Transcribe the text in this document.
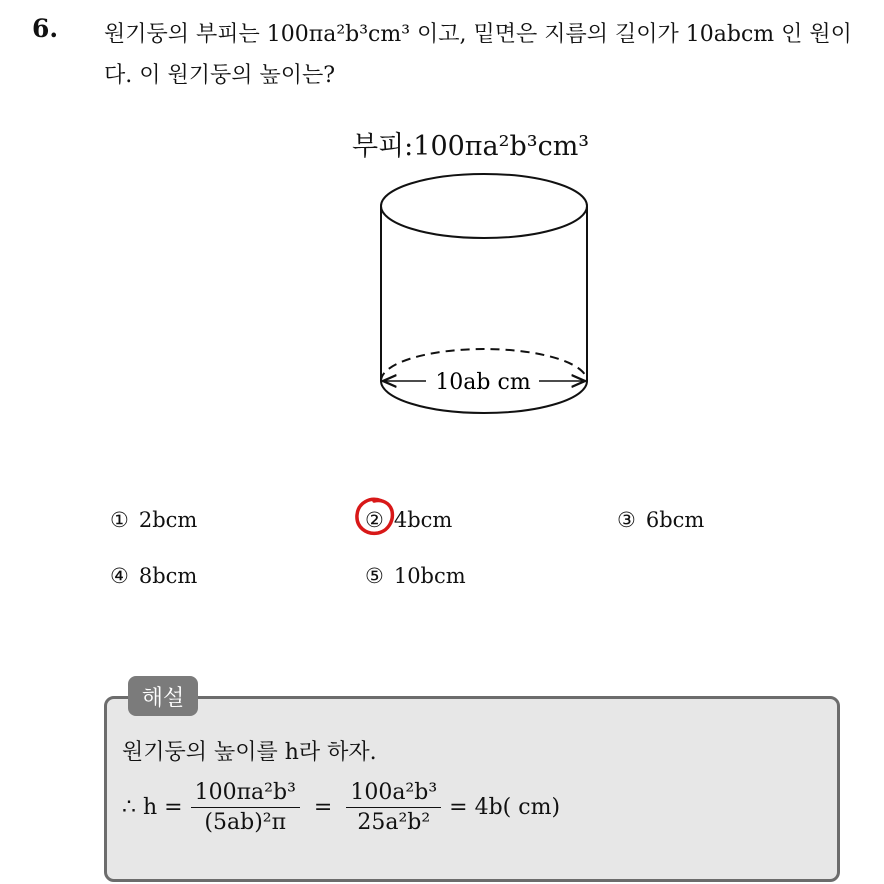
6. 원기둥의 부피는 100πa²b³cm³ 이고, 밑면은 지름의 길이가 10abcm 인 원이다. 이 원기둥의 높이는?
부피:100πa²b³cm³
10ab cm
① 2bcm	② 4bcm	③ 6bcm
④ 8bcm	⑤ 10bcm
해설
원기둥의 높이를 h라 하자.
∴ $h = \frac{\text{100πa²b³}}{\text{(5ab)²π}} = \frac{\text{100a²b³}}{\text{25a²b²}} = 4b$( cm)
